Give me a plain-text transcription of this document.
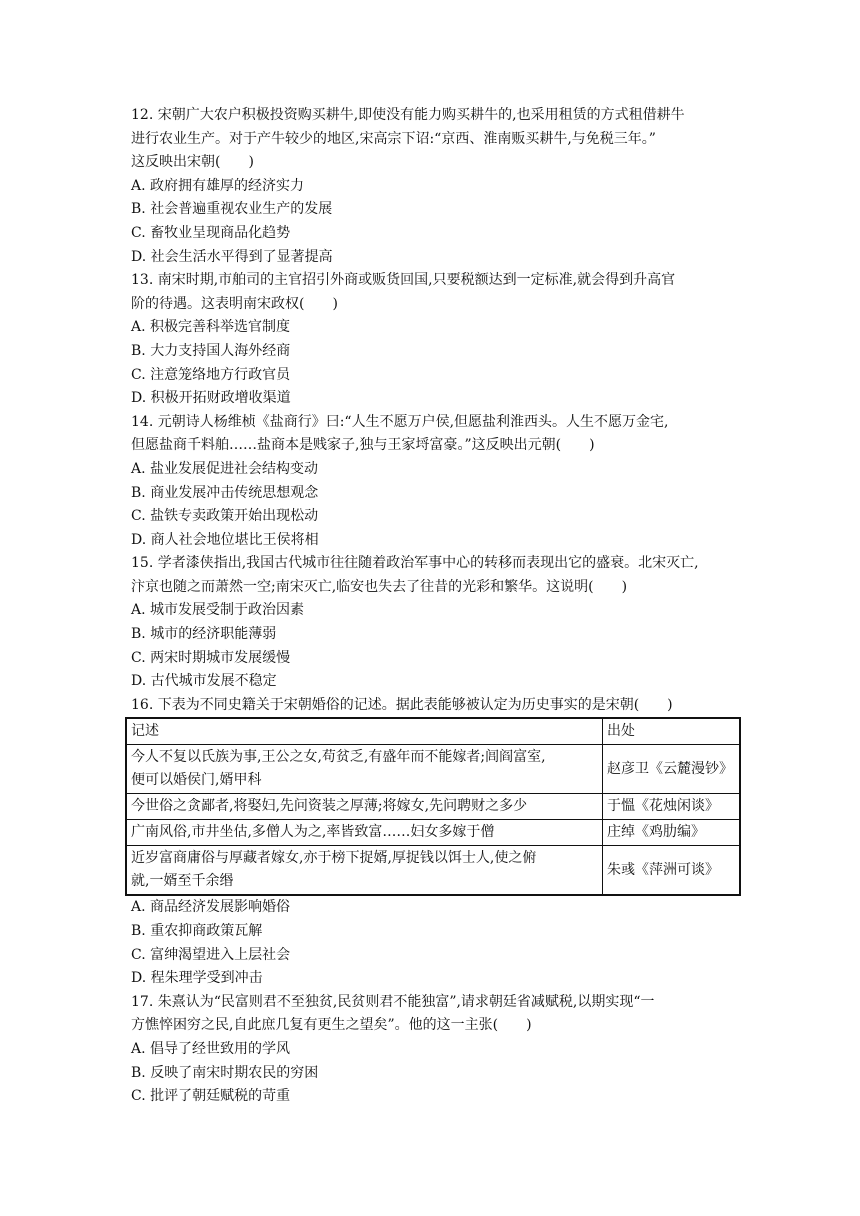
12. 宋朝广大农户积极投资购买耕牛,即使没有能力购买耕牛的,也采用租赁的方式租借耕牛
进行农业生产。对于产牛较少的地区,宋高宗下诏:“京西、淮南贩买耕牛,与免税三年。”
这反映出宋朝(　　)
A. 政府拥有雄厚的经济实力
B. 社会普遍重视农业生产的发展
C. 畜牧业呈现商品化趋势
D. 社会生活水平得到了显著提高
13. 南宋时期,市舶司的主官招引外商或贩货回国,只要税额达到一定标准,就会得到升高官
阶的待遇。这表明南宋政权(　　)
A. 积极完善科举选官制度
B. 大力支持国人海外经商
C. 注意笼络地方行政官员
D. 积极开拓财政增收渠道
14. 元朝诗人杨维桢《盐商行》曰:“人生不愿万户侯,但愿盐利淮西头。人生不愿万金宅,
但愿盐商千料舶……盐商本是贱家子,独与王家埒富豪。”这反映出元朝(　　)
A. 盐业发展促进社会结构变动
B. 商业发展冲击传统思想观念
C. 盐铁专卖政策开始出现松动
D. 商人社会地位堪比王侯将相
15. 学者漆侠指出,我国古代城市往往随着政治军事中心的转移而表现出它的盛衰。北宋灭亡,
汴京也随之而萧然一空;南宋灭亡,临安也失去了往昔的光彩和繁华。这说明(　　)
A. 城市发展受制于政治因素
B. 城市的经济职能薄弱
C. 两宋时期城市发展缓慢
D. 古代城市发展不稳定
16. 下表为不同史籍关于宋朝婚俗的记述。据此表能够被认定为历史事实的是宋朝(　　)
记述	出处

今人不复以氏族为事,王公之女,苟贫乏,有盛年而不能嫁者;闾阎富室,
便可以婚侯门,婿甲科	赵彦卫《云麓漫钞》

今世俗之贪鄙者,将娶妇,先问资装之厚薄;将嫁女,先问聘财之多少	于慍《花烛闲谈》

广南风俗,市井坐估,多僧人为之,率皆致富……妇女多嫁于僧	庄绰《鸡肋编》

近岁富商庸俗与厚藏者嫁女,亦于榜下捉婿,厚捉钱以饵士人,使之俯
就,一婿至千余缗	朱彧《萍洲可谈》
A. 商品经济发展影响婚俗
B. 重农抑商政策瓦解
C. 富绅渴望进入上层社会
D. 程朱理学受到冲击
17. 朱熹认为“民富则君不至独贫,民贫则君不能独富”,请求朝廷省减赋税,以期实现“一
方憔悴困穷之民,自此庶几复有更生之望矣”。他的这一主张(　　)
A. 倡导了经世致用的学风
B. 反映了南宋时期农民的穷困
C. 批评了朝廷赋税的苛重
